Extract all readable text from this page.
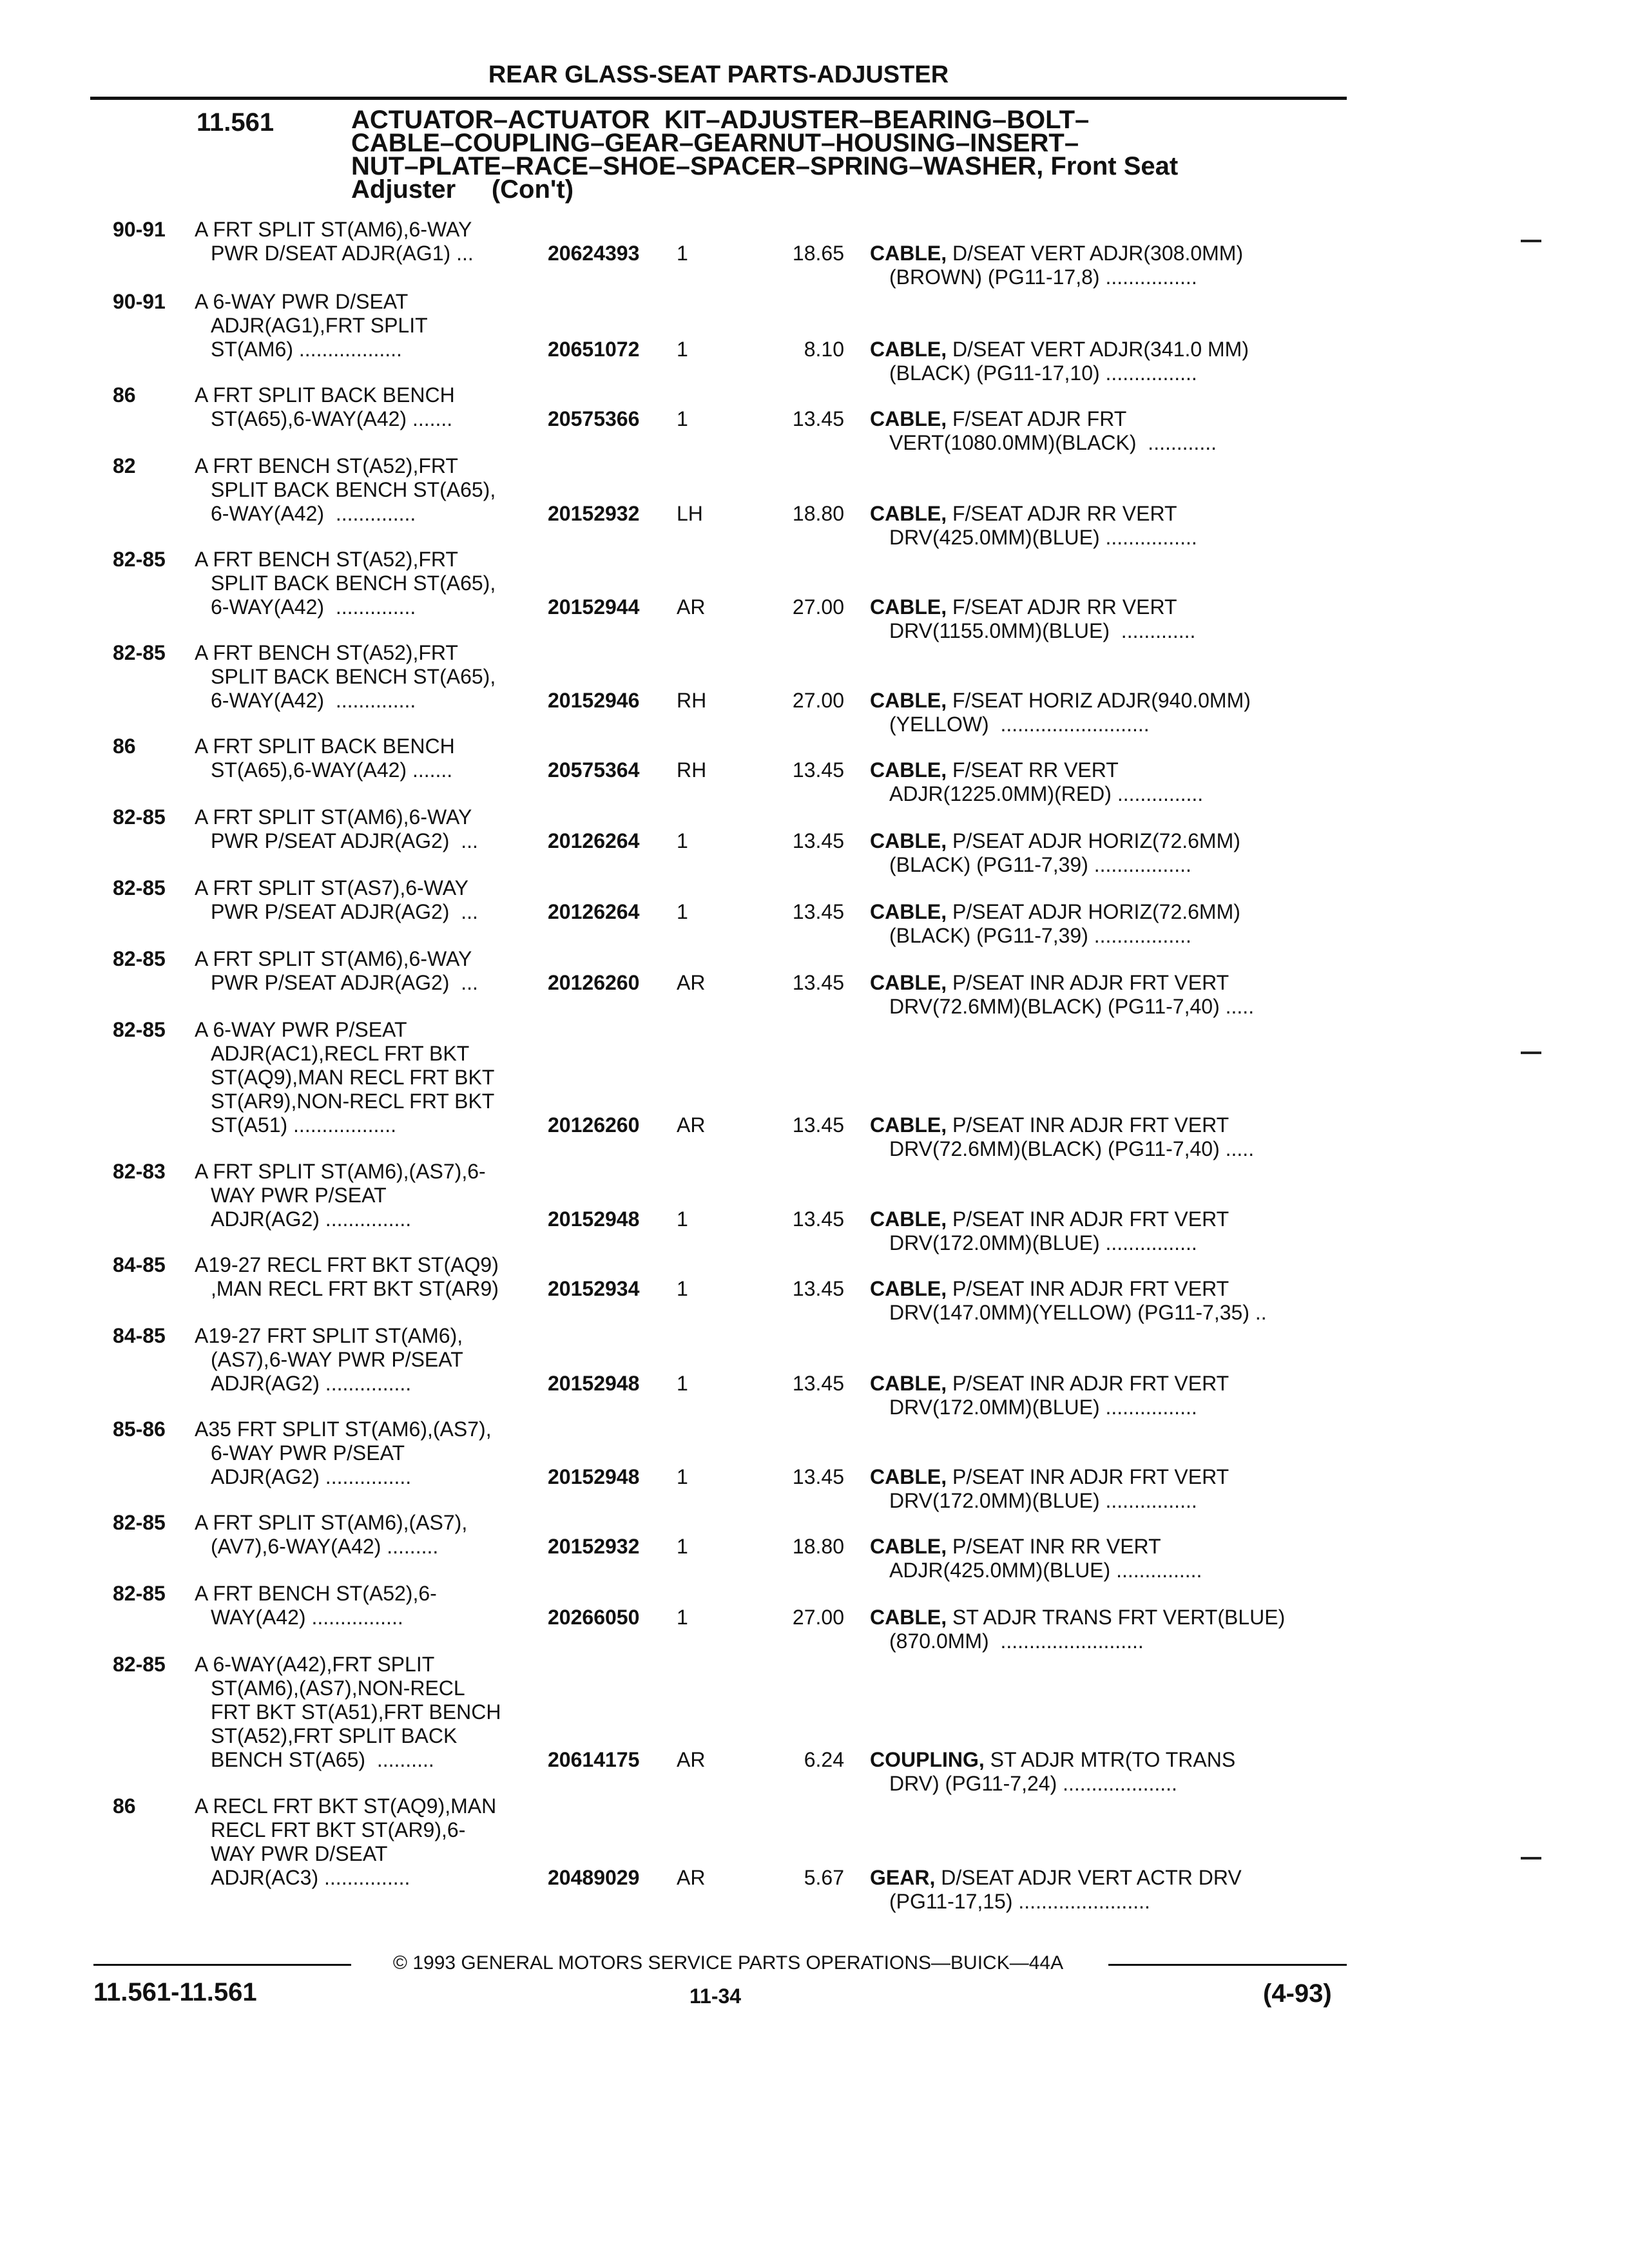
REAR GLASS-SEAT PARTS-ADJUSTER
11.561	ACTUATOR–ACTUATOR  KIT–ADJUSTER–BEARING–BOLT–
CABLE–COUPLING–GEAR–GEARNUT–HOUSING–INSERT–
NUT–PLATE–RACE–SHOE–SPACER–SPRING–WASHER, Front Seat
Adjuster     (Con't)
90-91	A FRT SPLIT ST(AM6),6-WAY
PWR D/SEAT ADJR(AG1) ...	20624393	1	18.65 CABLE, D/SEAT VERT ADJR(308.0MM)
(BROWN) (PG11-17,8) ................
90-91	A 6-WAY PWR D/SEAT
ADJR(AG1),FRT SPLIT
ST(AM6) ..................	20651072	1	8.10 CABLE, D/SEAT VERT ADJR(341.0 MM)
(BLACK) (PG11-17,10) ................
86	A FRT SPLIT BACK BENCH
ST(A65),6-WAY(A42) .......	20575366	1	13.45 CABLE, F/SEAT ADJR FRT
VERT(1080.0MM)(BLACK)  ............
82	A FRT BENCH ST(A52),FRT
SPLIT BACK BENCH ST(A65),
6-WAY(A42)  ..............	20152932	LH	18.80 CABLE, F/SEAT ADJR RR VERT
DRV(425.0MM)(BLUE) ................
82-85	A FRT BENCH ST(A52),FRT
SPLIT BACK BENCH ST(A65),
6-WAY(A42)  ..............	20152944	AR	27.00 CABLE, F/SEAT ADJR RR VERT
DRV(1155.0MM)(BLUE)  .............
82-85	A FRT BENCH ST(A52),FRT
SPLIT BACK BENCH ST(A65),
6-WAY(A42)  ..............	20152946	RH	27.00 CABLE, F/SEAT HORIZ ADJR(940.0MM)
(YELLOW)  ..........................
86	A FRT SPLIT BACK BENCH
ST(A65),6-WAY(A42) .......	20575364	RH	13.45 CABLE, F/SEAT RR VERT
ADJR(1225.0MM)(RED) ...............
82-85	A FRT SPLIT ST(AM6),6-WAY
PWR P/SEAT ADJR(AG2)  ...	20126264	1	13.45 CABLE, P/SEAT ADJR HORIZ(72.6MM)
(BLACK) (PG11-7,39) .................
82-85	A FRT SPLIT ST(AS7),6-WAY
PWR P/SEAT ADJR(AG2)  ...	20126264	1	13.45 CABLE, P/SEAT ADJR HORIZ(72.6MM)
(BLACK) (PG11-7,39) .................
82-85	A FRT SPLIT ST(AM6),6-WAY
PWR P/SEAT ADJR(AG2)  ...	20126260	AR	13.45 CABLE, P/SEAT INR ADJR FRT VERT
DRV(72.6MM)(BLACK) (PG11-7,40) .....
82-85	A 6-WAY PWR P/SEAT
ADJR(AC1),RECL FRT BKT
ST(AQ9),MAN RECL FRT BKT
ST(AR9),NON-RECL FRT BKT
ST(A51) ..................	20126260	AR	13.45 CABLE, P/SEAT INR ADJR FRT VERT
DRV(72.6MM)(BLACK) (PG11-7,40) .....
82-83	A FRT SPLIT ST(AM6),(AS7),6-
WAY PWR P/SEAT
ADJR(AG2) ...............	20152948	1	13.45 CABLE, P/SEAT INR ADJR FRT VERT
DRV(172.0MM)(BLUE) ................
84-85	A19-27 RECL FRT BKT ST(AQ9)
,MAN RECL FRT BKT ST(AR9)	20152934	1	13.45 CABLE, P/SEAT INR ADJR FRT VERT
DRV(147.0MM)(YELLOW) (PG11-7,35) ..
84-85	A19-27 FRT SPLIT ST(AM6),
(AS7),6-WAY PWR P/SEAT
ADJR(AG2) ...............	20152948	1	13.45 CABLE, P/SEAT INR ADJR FRT VERT
DRV(172.0MM)(BLUE) ................
85-86	A35 FRT SPLIT ST(AM6),(AS7),
6-WAY PWR P/SEAT
ADJR(AG2) ...............	20152948	1	13.45 CABLE, P/SEAT INR ADJR FRT VERT
DRV(172.0MM)(BLUE) ................
82-85	A FRT SPLIT ST(AM6),(AS7),
(AV7),6-WAY(A42) .........	20152932	1	18.80 CABLE, P/SEAT INR RR VERT
ADJR(425.0MM)(BLUE) ...............
82-85	A FRT BENCH ST(A52),6-
WAY(A42) ................	20266050	1	27.00 CABLE, ST ADJR TRANS FRT VERT(BLUE)
(870.0MM)  .........................
82-85	A 6-WAY(A42),FRT SPLIT
ST(AM6),(AS7),NON-RECL
FRT BKT ST(A51),FRT BENCH
ST(A52),FRT SPLIT BACK
BENCH ST(A65)  ..........	20614175	AR	6.24 COUPLING, ST ADJR MTR(TO TRANS
DRV) (PG11-7,24) ....................
86	A RECL FRT BKT ST(AQ9),MAN
RECL FRT BKT ST(AR9),6-
WAY PWR D/SEAT
ADJR(AC3) ...............	20489029	AR	5.67 GEAR, D/SEAT ADJR VERT ACTR DRV
(PG11-17,15) .......................
© 1993 GENERAL MOTORS SERVICE PARTS OPERATIONS—BUICK—44A
11.561-11.561	11-34	(4-93)
